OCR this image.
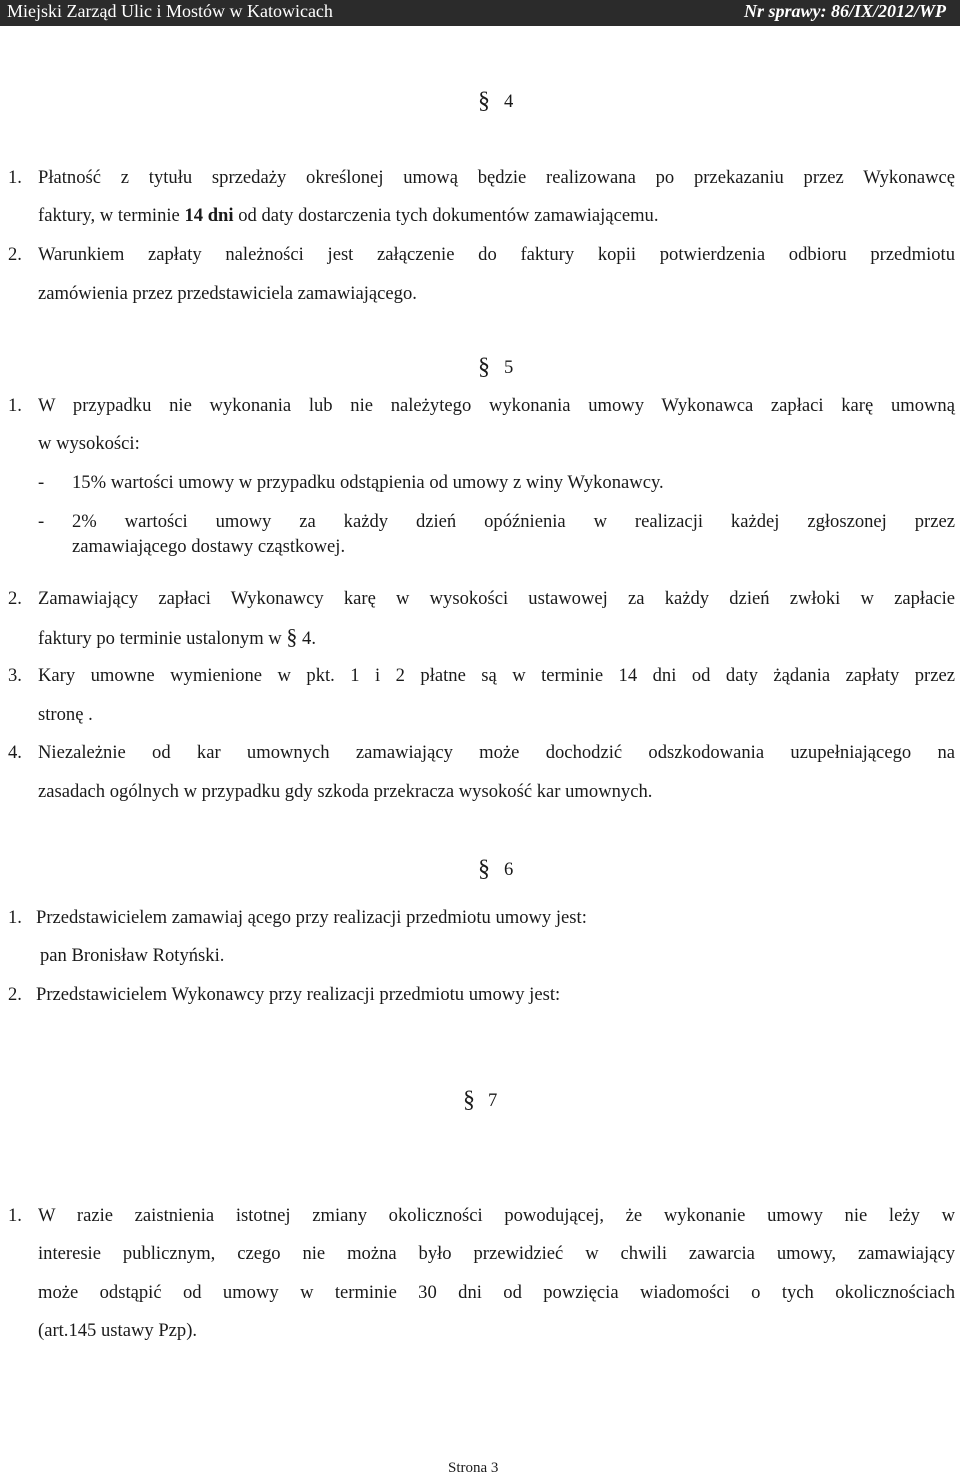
Miejski Zarząd Ulic i Mostów w Katowicach	Nr sprawy: 86/IX/2012/WP
§ 4
1. Płatność z tytułu sprzedaży określonej umową będzie realizowana po przekazaniu przez Wykonawcę
faktury, w terminie 14 dni od daty dostarczenia tych dokumentów zamawiającemu.
2. Warunkiem zapłaty należności jest załączenie do faktury kopii potwierdzenia odbioru przedmiotu
zamówienia przez przedstawiciela zamawiającego.
§ 5
1. W przypadku nie wykonania lub nie należytego wykonania umowy Wykonawca zapłaci karę umowną
w wysokości:
- 15% wartości umowy w przypadku odstąpienia od umowy z winy Wykonawcy.
- 2% wartości umowy za każdy dzień opóźnienia w realizacji każdej zgłoszonej przez
zamawiającego dostawy cząstkowej.
2. Zamawiający zapłaci Wykonawcy karę w wysokości ustawowej za każdy dzień zwłoki w zapłacie
faktury po terminie ustalonym w § 4.
3. Kary umowne wymienione w pkt. 1 i 2 płatne są w terminie 14 dni od daty żądania zapłaty przez
stronę .
4. Niezależnie od kar umownych zamawiający może dochodzić odszkodowania uzupełniającego na
zasadach ogólnych w przypadku gdy szkoda przekracza wysokość kar umownych.
§ 6
1. Przedstawicielem zamawiaj ącego przy realizacji przedmiotu umowy jest:
pan Bronisław Rotyński.
2. Przedstawicielem Wykonawcy przy realizacji przedmiotu umowy jest:
§ 7
1. W razie zaistnienia istotnej zmiany okoliczności powodującej, że wykonanie umowy nie leży w
interesie publicznym, czego nie można było przewidzieć w chwili zawarcia umowy, zamawiający
może odstąpić od umowy w terminie 30 dni od powzięcia wiadomości o tych okolicznościach
(art.145 ustawy Pzp).
Strona 3
